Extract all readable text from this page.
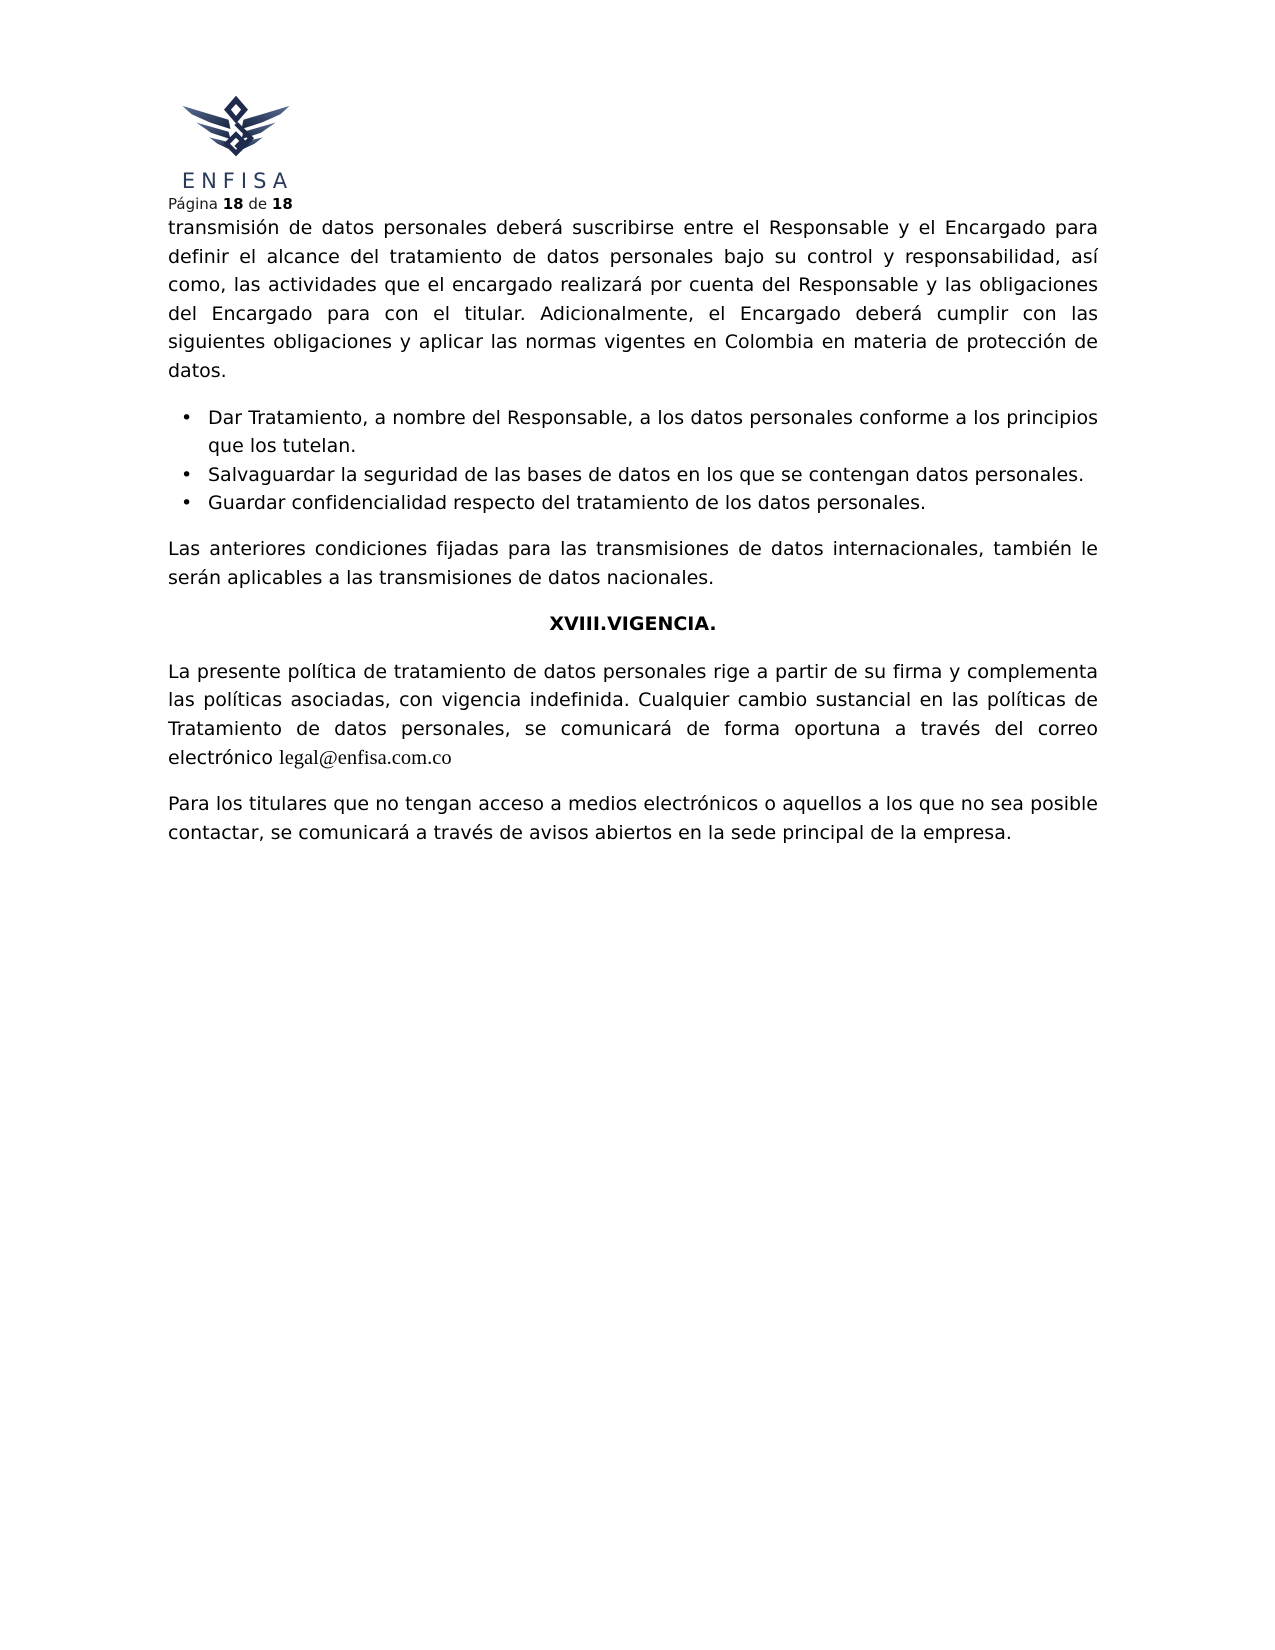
ENFISA
Página 18 de 18

transmisión de datos personales deberá suscribirse entre el Responsable y el Encargado para definir el alcance del tratamiento de datos personales bajo su control y responsabilidad, así como, las actividades que el encargado realizará por cuenta del Responsable y las obligaciones del Encargado para con el titular. Adicionalmente, el Encargado deberá cumplir con las siguientes obligaciones y aplicar las normas vigentes en Colombia en materia de protección de datos.

• Dar Tratamiento, a nombre del Responsable, a los datos personales conforme a los principios que los tutelan.
• Salvaguardar la seguridad de las bases de datos en los que se contengan datos personales.
• Guardar confidencialidad respecto del tratamiento de los datos personales.

Las anteriores condiciones fijadas para las transmisiones de datos internacionales, también le serán aplicables a las transmisiones de datos nacionales.

XVIII.VIGENCIA.

La presente política de tratamiento de datos personales rige a partir de su firma y complementa las políticas asociadas, con vigencia indefinida. Cualquier cambio sustancial en las políticas de Tratamiento de datos personales, se comunicará de forma oportuna a través del correo electrónico legal@enfisa.com.co

Para los titulares que no tengan acceso a medios electrónicos o aquellos a los que no sea posible contactar, se comunicará a través de avisos abiertos en la sede principal de la empresa.
